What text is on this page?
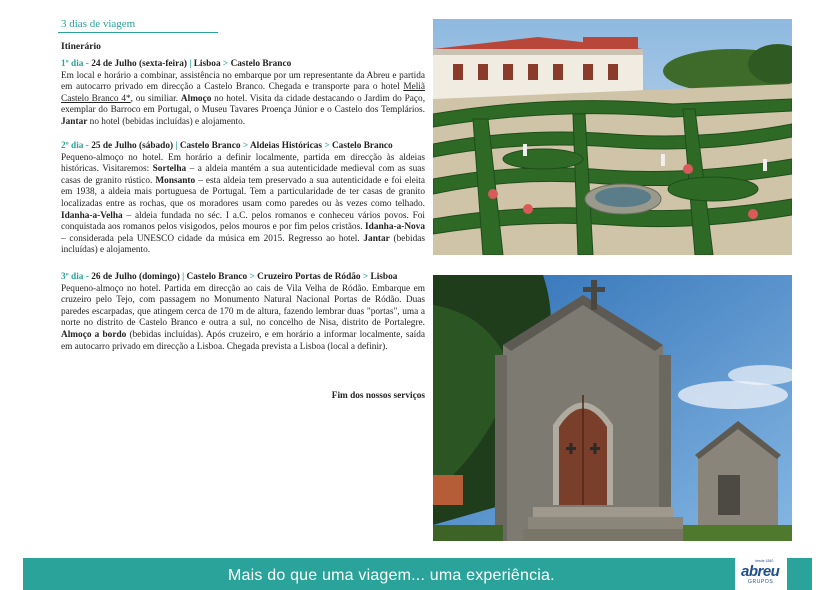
3 dias de viagem
Itinerário
1º dia - 24 de Julho (sexta-feira) | Lisboa > Castelo Branco
Em local e horário a combinar, assistência no embarque por um representante da Abreu e partida em autocarro privado em direcção a Castelo Branco. Chegada e transporte para o hotel Meliã Castelo Branco 4*, ou similiar. Almoço no hotel. Visita da cidade destacando o Jardim do Paço, exemplar do Barroco em Portugal, o Museu Tavares Proença Júnior e o Castelo dos Templários. Jantar no hotel (bebidas incluídas) e alojamento.
2º dia - 25 de Julho (sábado) | Castelo Branco > Aldeias Históricas > Castelo Branco
Pequeno-almoço no hotel. Em horário a definir localmente, partida em direcção às aldeias históricas. Visitaremos: Sortelha – a aldeia mantém a sua autenticidade medieval com as suas casas de granito rústico. Monsanto – esta aldeia tem preservado a sua autenticidade e foi eleita em 1938, a aldeia mais portuguesa de Portugal. Tem a particularidade de ter casas de granito localizadas entre as rochas, que os moradores usam como paredes ou às vezes como telhado. Idanha-a-Velha – aldeia fundada no séc. I a.C. pelos romanos e conheceu vários povos. Foi conquistada aos romanos pelos visigodos, pelos mouros e por fim pelos cristãos. Idanha-a-Nova – considerada pela UNESCO cidade da música em 2015. Regresso ao hotel. Jantar (bebidas incluídas) e alojamento.
3º dia - 26 de Julho (domingo) | Castelo Branco > Cruzeiro Portas de Ródão > Lisboa
Pequeno-almoço no hotel. Partida em direcção ao cais de Vila Velha de Ródão. Embarque em cruzeiro pelo Tejo, com passagem no Monumento Natural Nacional Portas de Ródão. Duas paredes escarpadas, que atingem cerca de 170 m de altura, fazendo lembrar duas "portas", uma a norte no distrito de Castelo Branco e outra a sul, no concelho de Nisa, distrito de Portalegre. Almoço a bordo (bebidas incluídas). Após cruzeiro, e em horário a informar localmente, saída em autocarro privado em direcção a Lisboa. Chegada prevista a Lisboa (local a definir).
Fim dos nossos serviços
Mais do que uma viagem... uma experiência.
desde 1840
abreu
GRUPOS
